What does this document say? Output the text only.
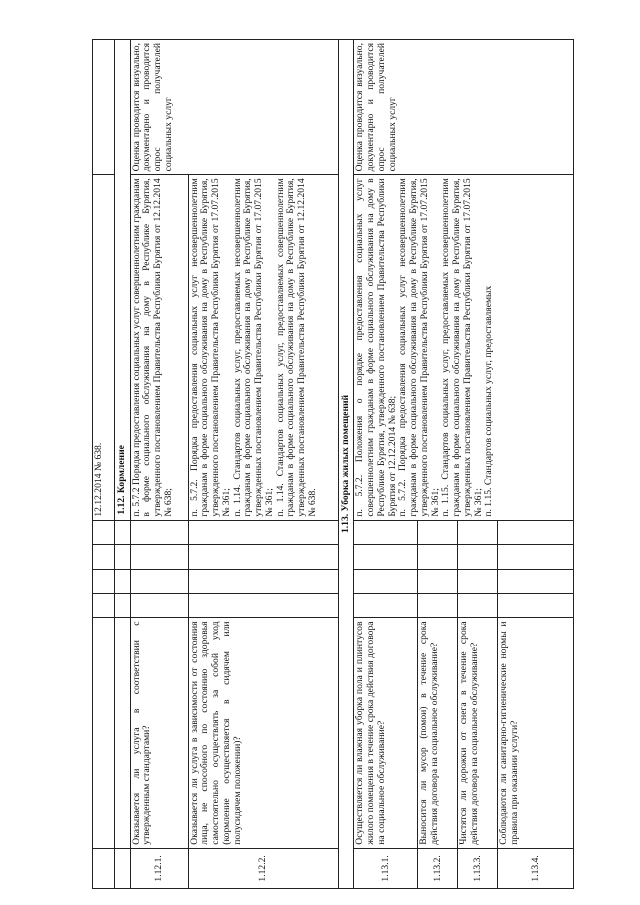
						12.12.2014 № 638.	
						1.12. Кормление	
1.12.1.	Оказывается ли услуга в соответствии с утвержденным стандартами?					п. 5.7.2 Порядка предоставления социальных услуг совершеннолетним гражданам в форме социального обслуживания на дому в Республике Бурятия, утвержденного постановлением Правительства Республики Бурятия от 12.12.2014 № 638;	Оценка проводится визуально, документарно и проводится опрос получателей социальных услуг
1.12.2.	Оказывается ли услуга в зависимости от состояния лица, не способного по состоянию здоровья самостоятельно осуществлять за собой уход (кормление осуществляется в сидячем или полусидячем положении)?					п. 5.7.2. Порядка предоставления социальных услуг несовершеннолетним гражданам в форме социального обслуживания на дому в Республике Бурятия, утвержденного постановлением Правительства Республики Бурятия от 17.07.2015 № 361; п. 1.14. Стандартов социальных услуг, предоставляемых несовершеннолетним гражданам в форме социального обслуживания на дому в Республике Бурятия, утвержденных постановлением Правительства Республики Бурятия от 17.07.2015 № 361; п. 1.14. Стандартов социальных услуг, предоставляемых совершеннолетним гражданам в форме социального обслуживания на дому в Республике Бурятия, утвержденных постановлением Правительства Республики Бурятия от 12.12.2014 № 638.	

1.13. Уборка жилых помещений							
1.13.1.	Осуществляется ли влажная уборка пола и плинтусов жилого помещения в течение срока действия договора на социальное обслуживание?					п. 5.7.2. Положения о порядке предоставления социальных услуг совершеннолетним гражданам в форме социального обслуживания на дому в Республике Бурятия, утвержденного постановлением Правительства Республики Бурятия от 12.12.2014 № 638; п. 5.7.2. Порядка предоставления социальных услуг несовершеннолетним гражданам в форме социального обслуживания на дому в Республике Бурятия, утвержденного постановлением Правительства Республики Бурятия от 17.07.2015 № 361; п. 1.15. Стандартов социальных услуг, предоставляемых несовершеннолетним гражданам в форме социального обслуживания на дому в Республике Бурятия, утвержденных постановлением Правительства Республики Бурятия от 17.07.2015 № 361; п. 1.15. Стандартов социальных услуг, предоставляемых	Оценка проводится визуально, документарно и проводится опрос получателей социальных услуг
1.13.2.	Выносится ли мусор (помои) в течение срока действия договора на социальное обслуживание?						
1.13.3.	Чистятся ли дорожки от снега в течение срока действия договора на социальное обслуживание?						
1.13.4.	Соблюдаются ли санитарно-гигиенические нормы и правила при оказании услуги?						
